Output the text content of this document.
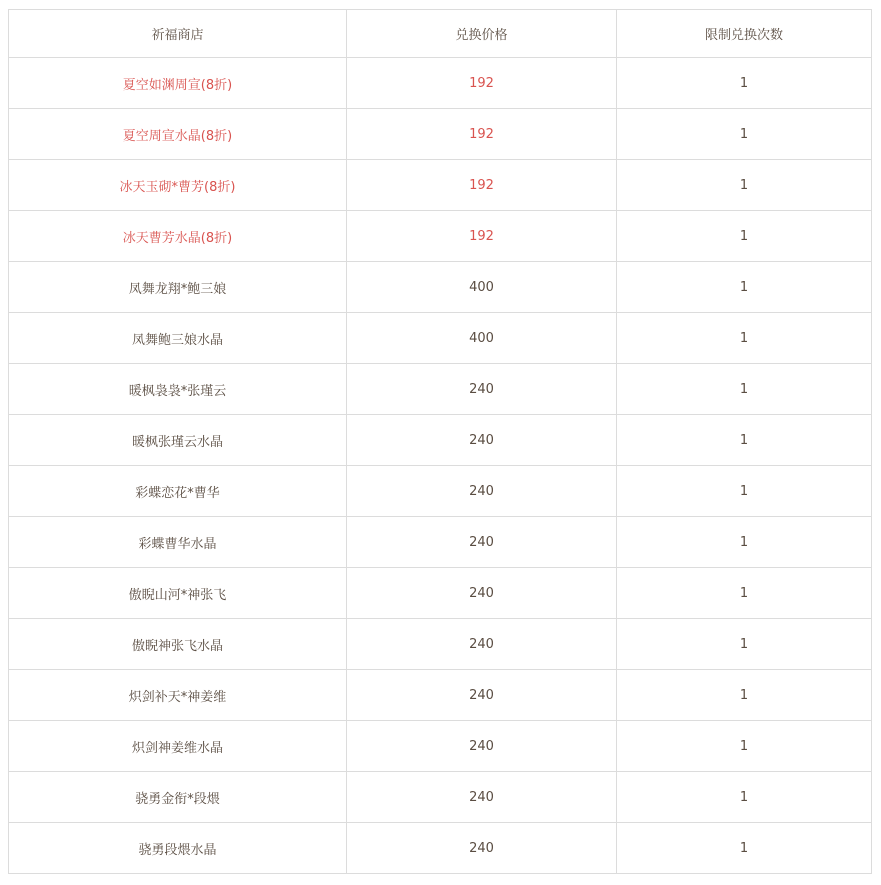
祈福商店	兑换价格	限制兑换次数
夏空如渊周宣(8折)	192	1
夏空周宣水晶(8折)	192	1
冰天玉砌*曹芳(8折)	192	1
冰天曹芳水晶(8折)	192	1
凤舞龙翔*鲍三娘	400	1
凤舞鲍三娘水晶	400	1
暖枫袅袅*张瑾云	240	1
暖枫张瑾云水晶	240	1
彩蝶恋花*曹华	240	1
彩蝶曹华水晶	240	1
傲睨山河*神张飞	240	1
傲睨神张飞水晶	240	1
炽剑补天*神姜维	240	1
炽剑神姜维水晶	240	1
骁勇金衔*段煨	240	1
骁勇段煨水晶	240	1
